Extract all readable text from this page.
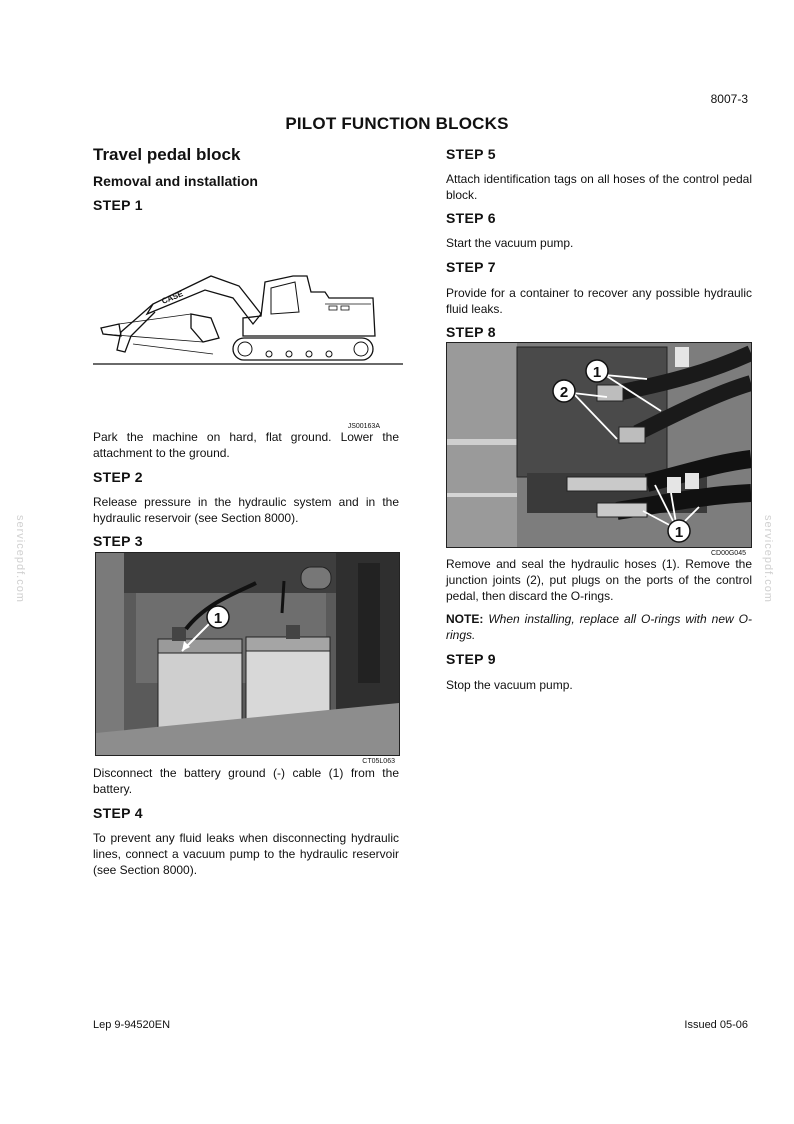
8007-3
PILOT FUNCTION BLOCKS
servicepdf.com	servicepdf.com
Travel pedal block
Removal and installation
STEP 1
CASE
JS00163A
Park the machine on hard, flat ground. Lower the attachment to the ground.
STEP 2
Release pressure in the hydraulic system and in the hydraulic reservoir (see Section 8000).
STEP 3
1
CT05L063
Disconnect the battery ground (-) cable (1) from the battery.
STEP 4
To prevent any fluid leaks when disconnecting hydraulic lines, connect a vacuum pump to the hydraulic reservoir (see Section 8000).
STEP 5
Attach identification tags on all hoses of the control pedal block.
STEP 6
Start the vacuum pump.
STEP 7
Provide for a container to recover any possible hydraulic fluid leaks.
STEP 8
1
2
1
CD00G045
Remove and seal the hydraulic hoses (1). Remove the junction joints (2), put plugs on the ports of the control pedal, then discard the O-rings.
NOTE: When installing, replace all O-rings with new O-rings.
STEP 9
Stop the vacuum pump.
Lep 9-94520EN	Issued 05-06
